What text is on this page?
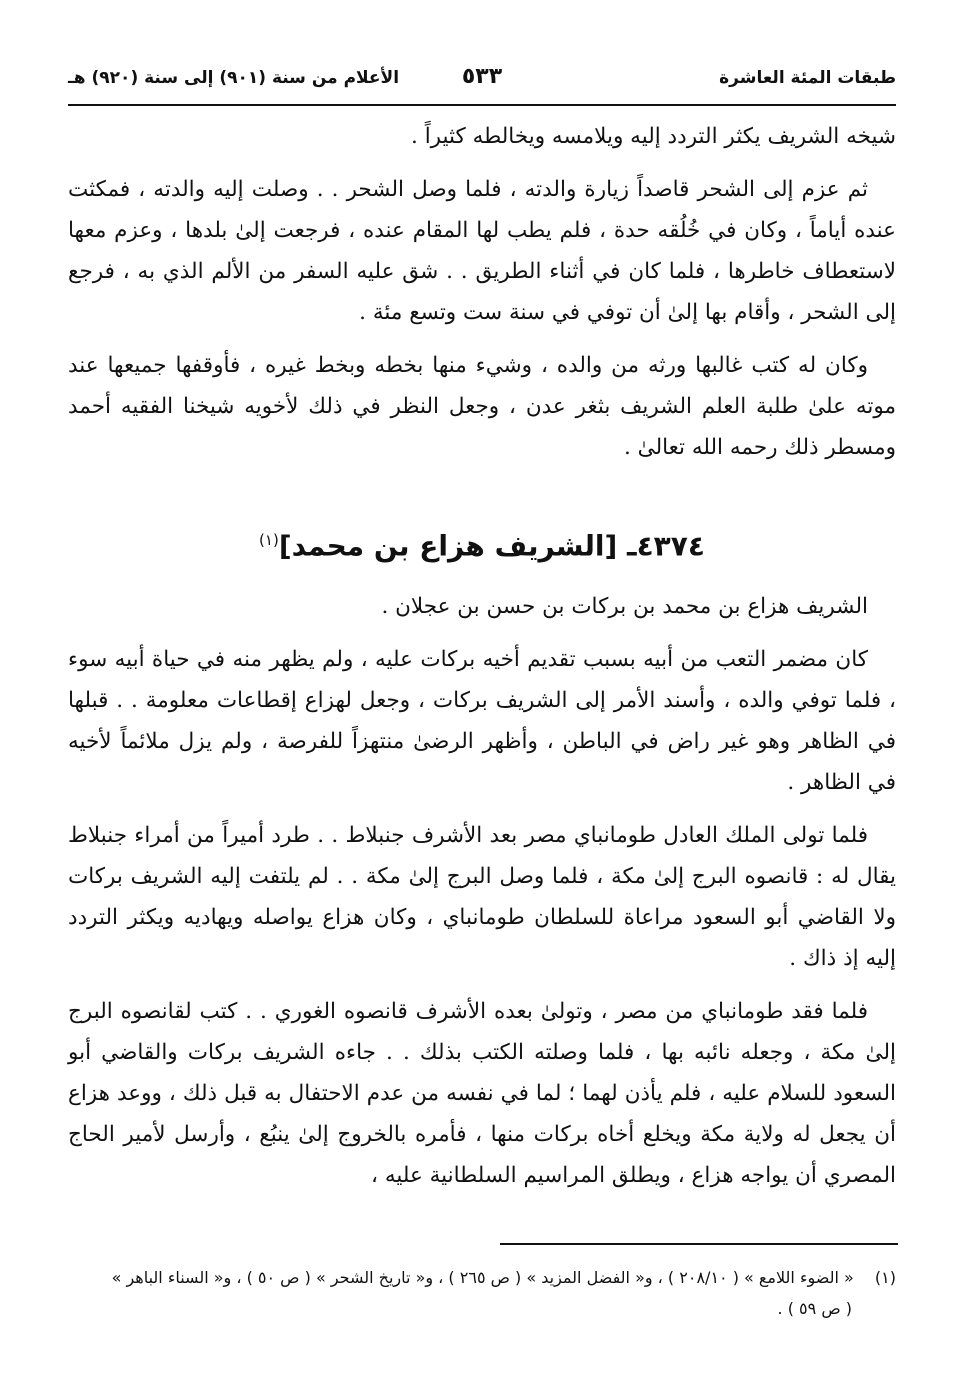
طبقات المئة العاشرة
٥٣٣
الأعلام من سنة (٩٠١) إلى سنة (٩٢٠) هـ

شيخه الشريف يكثر التردد إليه ويلامسه ويخالطه كثيراً .

ثم عزم إلى الشحر قاصداً زيارة والدته ، فلما وصل الشحر . . وصلت إليه والدته ، فمكثت عنده أياماً ، وكان في خُلُقه حدة ، فلم يطب لها المقام عنده ، فرجعت إلىٰ بلدها ، وعزم معها لاستعطاف خاطرها ، فلما كان في أثناء الطريق . . شق عليه السفر من الألم الذي به ، فرجع إلى الشحر ، وأقام بها إلىٰ أن توفي في سنة ست وتسع مئة .

وكان له كتب غالبها ورثه من والده ، وشيء منها بخطه وبخط غيره ، فأوقفها جميعها عند موته علىٰ طلبة العلم الشريف بثغر عدن ، وجعل النظر في ذلك لأخويه شيخنا الفقيه أحمد ومسطر ذلك رحمه الله تعالىٰ .

٤٣٧٤ـ [الشريف هزاع بن محمد]$^{(١)}$

الشريف هزاع بن محمد بن بركات بن حسن بن عجلان .

كان مضمر التعب من أبيه بسبب تقديم أخيه بركات عليه ، ولم يظهر منه في حياة أبيه سوء ، فلما توفي والده ، وأسند الأمر إلى الشريف بركات ، وجعل لهزاع إقطاعات معلومة . . قبلها في الظاهر وهو غير راض في الباطن ، وأظهر الرضىٰ منتهزاً للفرصة ، ولم يزل ملائماً لأخيه في الظاهر .

فلما تولى الملك العادل طومانباي مصر بعد الأشرف جنبلاط . . طرد أميراً من أمراء جنبلاط يقال له : قانصوه البرج إلىٰ مكة ، فلما وصل البرج إلىٰ مكة . . لم يلتفت إليه الشريف بركات ولا القاضي أبو السعود مراعاة للسلطان طومانباي ، وكان هزاع يواصله ويهاديه ويكثر التردد إليه إذ ذاك .

فلما فقد طومانباي من مصر ، وتولىٰ بعده الأشرف قانصوه الغوري . . كتب لقانصوه البرج إلىٰ مكة ، وجعله نائبه بها ، فلما وصلته الكتب بذلك . . جاءه الشريف بركات والقاضي أبو السعود للسلام عليه ، فلم يأذن لهما ؛ لما في نفسه من عدم الاحتفال به قبل ذلك ، ووعد هزاع أن يجعل له ولاية مكة ويخلع أخاه بركات منها ، فأمره بالخروج إلىٰ ينبُع ، وأرسل لأمير الحاج المصري أن يواجه هزاع ، ويطلق المراسيم السلطانية عليه ،

(١) « الضوء اللامع » ( ٢٠٨/١٠ ) ، و« الفضل المزيد » ( ص ٢٦٥ ) ، و« تاريخ الشحر » ( ص ٥٠ ) ، و« السناء الباهر »
( ص ٥٩ ) .
